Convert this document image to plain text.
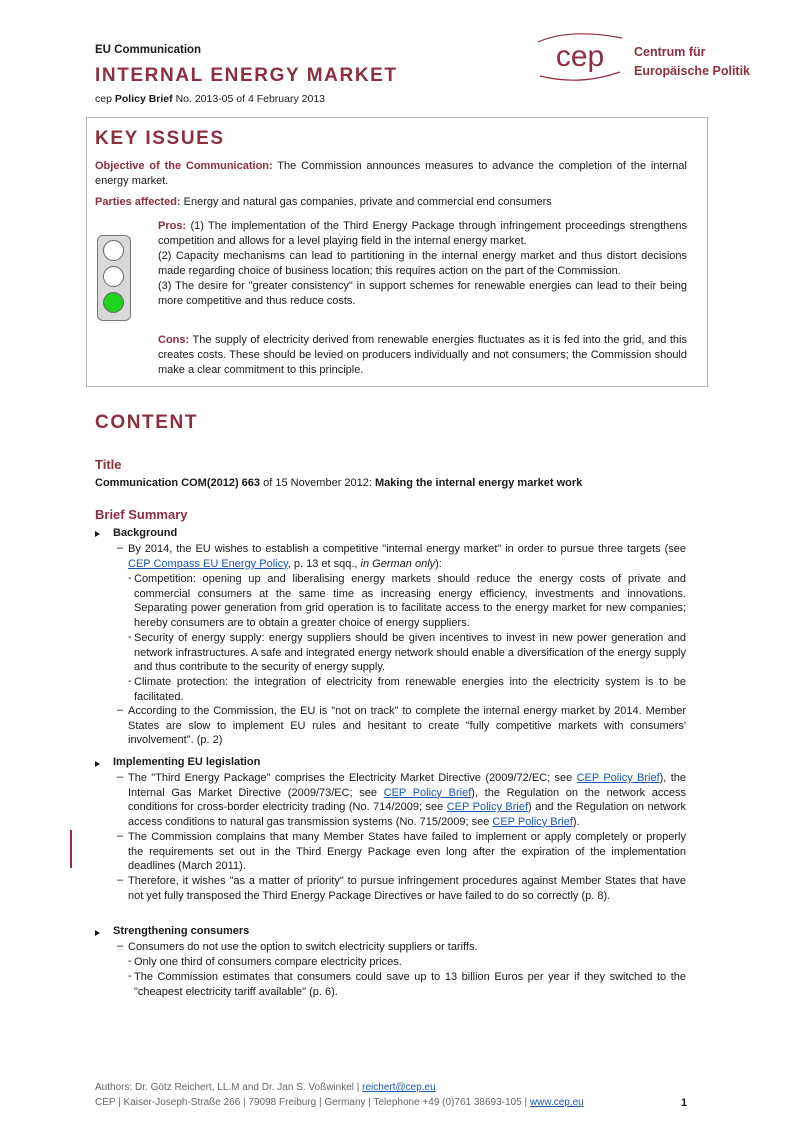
EU Communication
INTERNAL ENERGY MARKET
cep Policy Brief No. 2013-05 of 4 February 2013
cep Centrum für
Europäische Politik
KEY ISSUES
Objective of the Communication: The Commission announces measures to advance the completion of the internal energy market.
Parties affected: Energy and natural gas companies, private and commercial end consumers
Pros: (1) The implementation of the Third Energy Package through infringement proceedings strengthens competition and allows for a level playing field in the internal energy market.
(2) Capacity mechanisms can lead to partitioning in the internal energy market and thus distort decisions made regarding choice of business location; this requires action on the part of the Commission.
(3) The desire for "greater consistency" in support schemes for renewable energies can lead to their being more competitive and thus reduce costs.
Cons: The supply of electricity derived from renewable energies fluctuates as it is fed into the grid, and this creates costs. These should be levied on producers individually and not consumers; the Commission should make a clear commitment to this principle.
CONTENT
Title
Communication COM(2012) 663 of 15 November 2012: Making the internal energy market work
Brief Summary
Background
– By 2014, the EU wishes to establish a competitive "internal energy market" in order to pursue three targets (see CEP Compass EU Energy Policy, p. 13 et sqq., in German only):
- Competition: opening up and liberalising energy markets should reduce the energy costs of private and commercial consumers at the same time as increasing energy efficiency, investments and innovations. Separating power generation from grid operation is to facilitate access to the energy market for new companies; hereby consumers are to obtain a greater choice of energy suppliers.
- Security of energy supply: energy suppliers should be given incentives to invest in new power generation and network infrastructures. A safe and integrated energy network should enable a diversification of the energy supply and thus contribute to the security of energy supply.
- Climate protection: the integration of electricity from renewable energies into the electricity system is to be facilitated.
– According to the Commission, the EU is "not on track" to complete the internal energy market by 2014. Member States are slow to implement EU rules and hesitant to create "fully competitive markets with consumers' involvement". (p. 2)
Implementing EU legislation
– The "Third Energy Package" comprises the Electricity Market Directive (2009/72/EC; see CEP Policy Brief), the Internal Gas Market Directive (2009/73/EC; see CEP Policy Brief), the Regulation on the network access conditions for cross-border electricity trading (No. 714/2009; see CEP Policy Brief) and the Regulation on network access conditions to natural gas transmission systems (No. 715/2009; see CEP Policy Brief).
– The Commission complains that many Member States have failed to implement or apply completely or properly the requirements set out in the Third Energy Package even long after the expiration of the implementation deadlines (March 2011).
– Therefore, it wishes "as a matter of priority" to pursue infringement procedures against Member States that have not yet fully transposed the Third Energy Package Directives or have failed to do so correctly (p. 8).
Strengthening consumers
– Consumers do not use the option to switch electricity suppliers or tariffs.
- Only one third of consumers compare electricity prices.
- The Commission estimates that consumers could save up to 13 billion Euros per year if they switched to the "cheapest electricity tariff available" (p. 6).
Authors: Dr. Götz Reichert, LL.M and Dr. Jan S. Voßwinkel | reichert@cep.eu
CEP | Kaiser-Joseph-Straße 266 | 79098 Freiburg | Germany | Telephone +49 (0)761 38693-105 | www.cep.eu	1
